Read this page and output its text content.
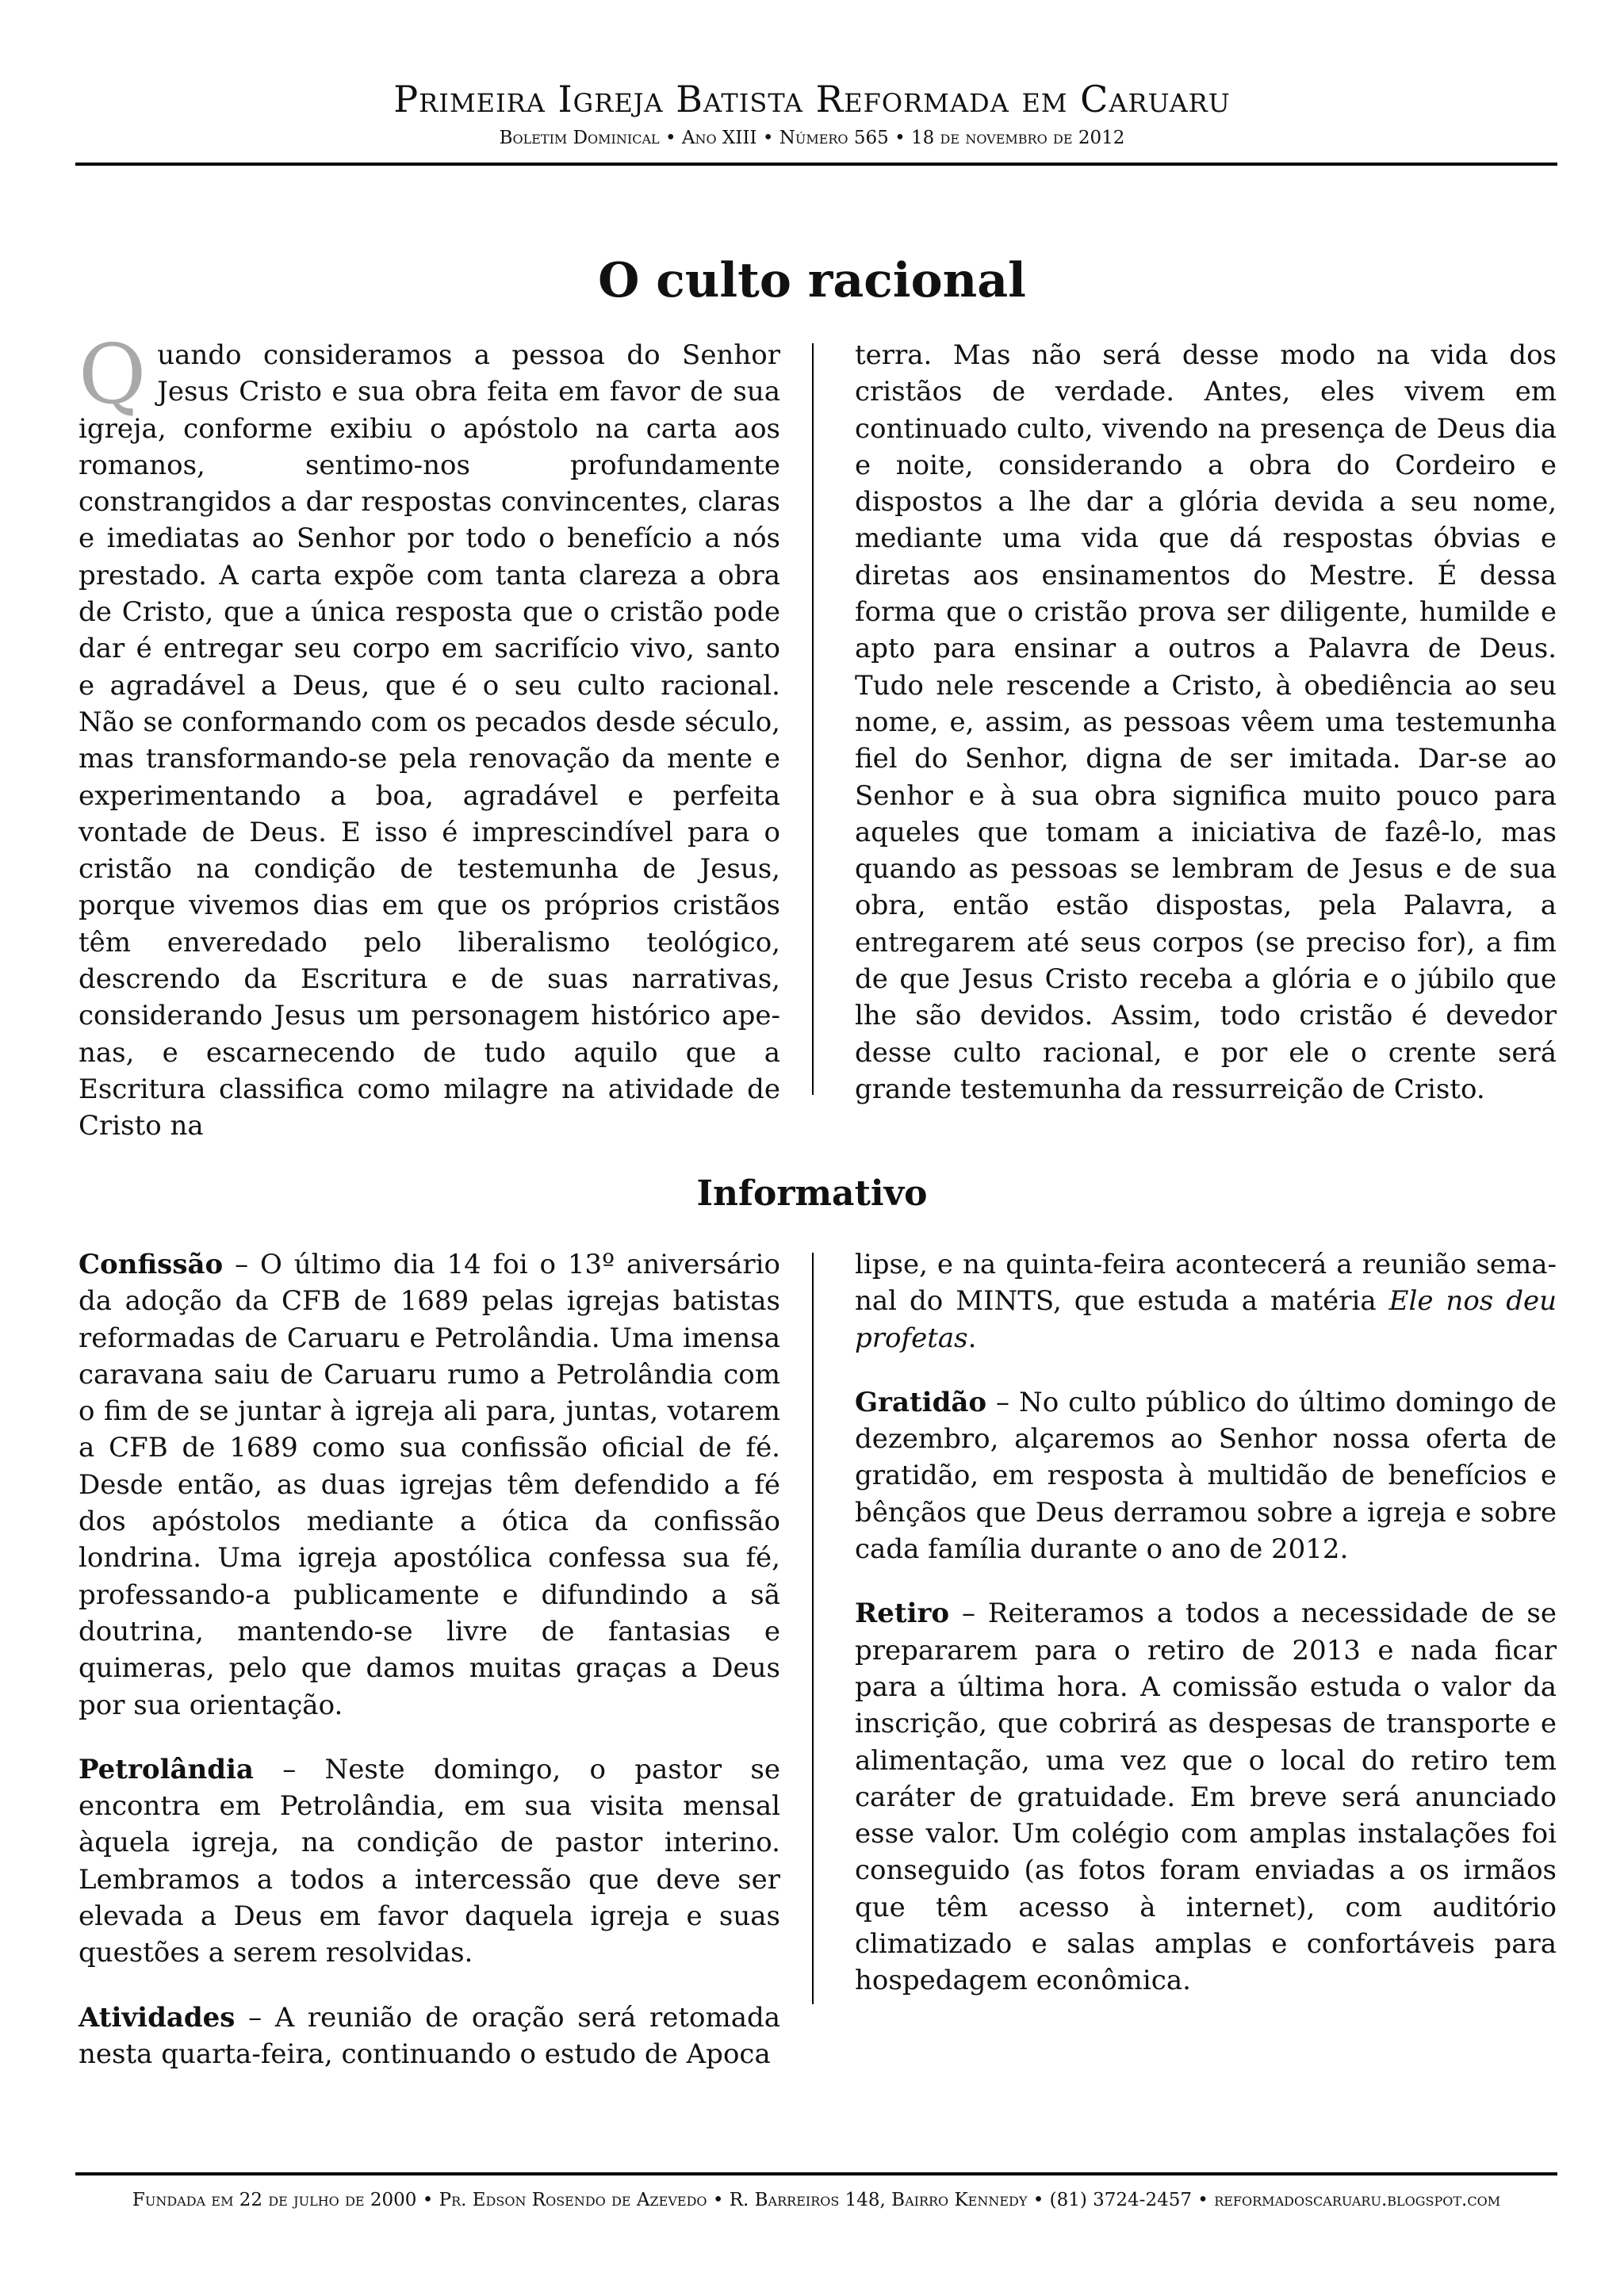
Primeira Igreja Batista Reformada em Caruaru
Boletim Dominical • Ano XIII • Número 565 • 18 de novembro de 2012
O culto racional

Quando consideramos a pessoa do Senhor Jesus Cristo e sua obra feita em favor de sua igreja, conforme exibiu o apóstolo na carta aos romanos, sentimo-nos profundamente constrangidos a dar respostas convincentes, claras e imediatas ao Senhor por todo o benefício a nós prestado. A carta expõe com tanta clareza a obra de Cristo, que a única resposta que o cristão pode dar é entregar seu corpo em sacrifício vivo, santo e agradável a Deus, que é o seu culto racional. Não se conformando com os pecados desde século, mas transformando-se pela renovação da mente e experimentando a boa, agradável e perfeita vontade de Deus. E isso é imprescindível para o cristão na condição de testemunha de Jesus, porque vivemos dias em que os próprios cristãos têm enveredado pelo liberalismo teológico, descrendo da Escritura e de suas narrativas, considerando Jesus um personagem histórico apenas, e escarnecendo de tudo aquilo que a Escritura classifica como milagre na atividade de Cristo na

terra. Mas não será desse modo na vida dos cristãos de verdade. Antes, eles vivem em continuado culto, vivendo na presença de Deus dia e noite, considerando a obra do Cordeiro e dispostos a lhe dar a glória devida a seu nome, mediante uma vida que dá respostas óbvias e diretas aos ensinamentos do Mestre. É dessa forma que o cristão prova ser diligente, humilde e apto para ensinar a outros a Palavra de Deus. Tudo nele rescende a Cristo, à obediência ao seu nome, e, assim, as pessoas vêem uma testemunha fiel do Senhor, digna de ser imitada. Dar-se ao Senhor e à sua obra significa muito pouco para aqueles que tomam a iniciativa de fazê-lo, mas quando as pessoas se lembram de Jesus e de sua obra, então estão dispostas, pela Palavra, a entregarem até seus corpos (se preciso for), a fim de que Jesus Cristo receba a glória e o júbilo que lhe são devidos. Assim, todo cristão é devedor desse culto racional, e por ele o crente será grande testemunha da ressurreição de Cristo.

Informativo

Confissão – O último dia 14 foi o 13º aniversário da adoção da CFB de 1689 pelas igrejas batistas reformadas de Caruaru e Petrolândia. Uma imensa caravana saiu de Caruaru rumo a Petrolândia com o fim de se juntar à igreja ali para, juntas, votarem a CFB de 1689 como sua confissão oficial de fé. Desde então, as duas igrejas têm defendido a fé dos apóstolos mediante a ótica da confissão londrina. Uma igreja apostólica confessa sua fé, professando-a publicamente e difundindo a sã doutrina, mantendo-se livre de fantasias e quimeras, pelo que damos muitas graças a Deus por sua orientação.

Petrolândia – Neste domingo, o pastor se encontra em Petrolândia, em sua visita mensal àquela igreja, na condição de pastor interino. Lembramos a todos a intercessão que deve ser elevada a Deus em favor daquela igreja e suas questões a serem resolvidas.

Atividades – A reunião de oração será retomada nesta quarta-feira, continuando o estudo de Apoca

lipse, e na quinta-feira acontecerá a reunião semanal do MINTS, que estuda a matéria Ele nos deu profetas.

Gratidão – No culto público do último domingo de dezembro, alçaremos ao Senhor nossa oferta de gratidão, em resposta à multidão de benefícios e bênçãos que Deus derramou sobre a igreja e sobre cada família durante o ano de 2012.

Retiro – Reiteramos a todos a necessidade de se prepararem para o retiro de 2013 e nada ficar para a última hora. A comissão estuda o valor da inscrição, que cobrirá as despesas de transporte e alimentação, uma vez que o local do retiro tem caráter de gratuidade. Em breve será anunciado esse valor. Um colégio com amplas instalações foi conseguido (as fotos foram enviadas a os irmãos que têm acesso à internet), com auditório climatizado e salas amplas e confortáveis para hospedagem econômica.

Fundada em 22 de julho de 2000 • Pr. Edson Rosendo de Azevedo • R. Barreiros 148, Bairro Kennedy • (81) 3724-2457 • reformadoscaruaru.blogspot.com
